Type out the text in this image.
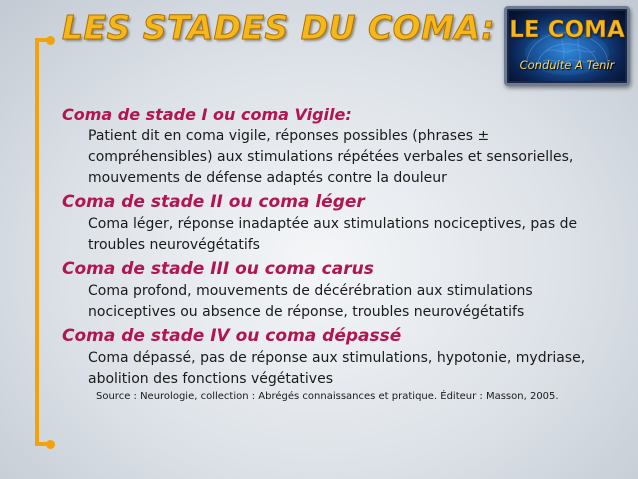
LES STADES DU COMA: LE COMA
Conduite A Tenir

Coma de stade I ou coma Vigile:

Patient dit en coma vigile, réponses possibles (phrases ±
compréhensibles) aux stimulations répétées verbales et sensorielles,
mouvements de défense adaptés contre la douleur

Coma de stade II ou coma léger

Coma léger, réponse inadaptée aux stimulations nociceptives, pas de
troubles neurovégétatifs

Coma de stade III ou coma carus

Coma profond, mouvements de décérébration aux stimulations
nociceptives ou absence de réponse, troubles neurovégétatifs

Coma de stade IV ou coma dépassé

Coma dépassé, pas de réponse aux stimulations, hypotonie, mydriase,
abolition des fonctions végétatives

Source : Neurologie, collection : Abrégés connaissances et pratique. Éditeur : Masson, 2005.
